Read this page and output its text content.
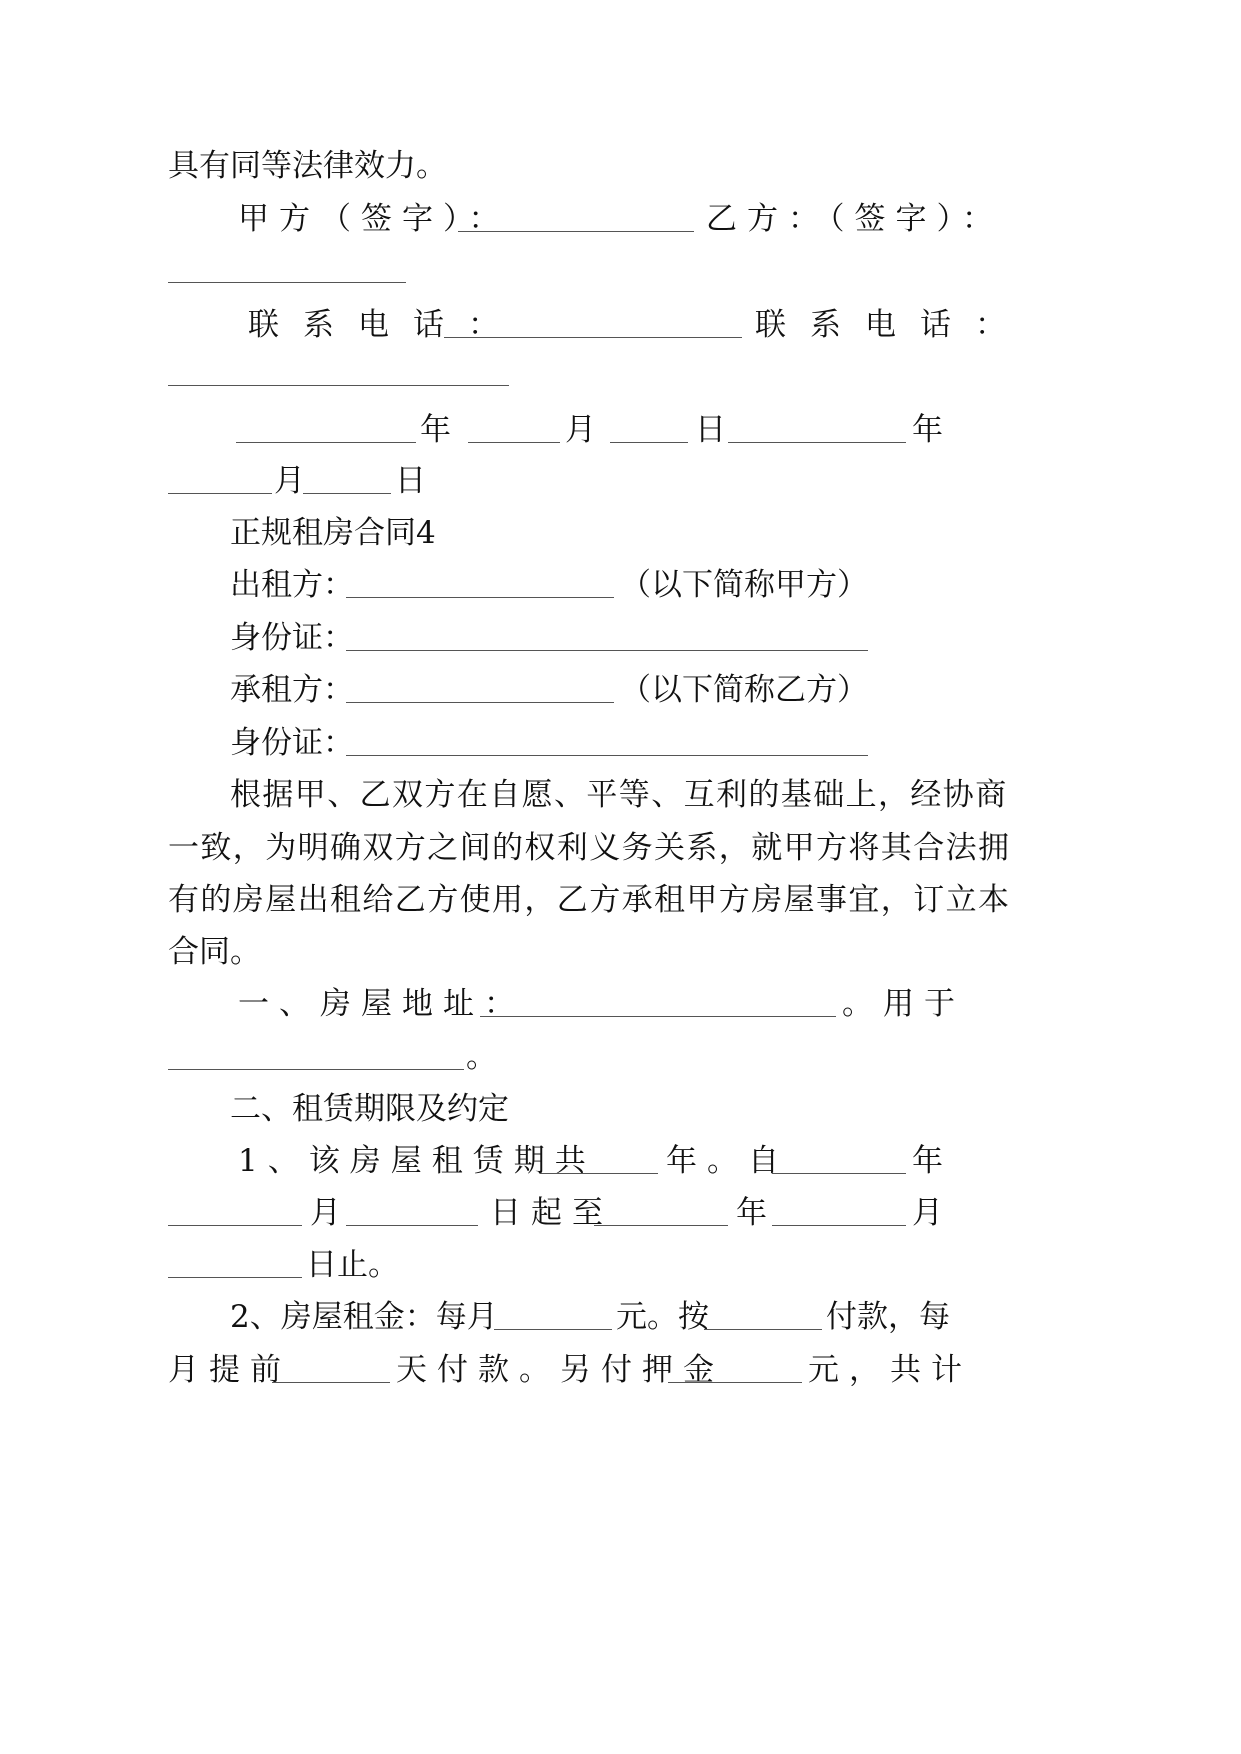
具有同等法律效力。
甲方（签字）：	乙方：（签字）：
联系电话：	联系电话：
年	月	日	年
月	日
正规租房合同4
出租方：	（以下简称甲方）
身份证：
承租方：	（以下简称乙方）
身份证：
根据甲、乙双方在自愿、平等、互利的基础上，经协商
一致，为明确双方之间的权利义务关系，就甲方将其合法拥
有的房屋出租给乙方使用，乙方承租甲方房屋事宜，订立本
合同。
一、房屋地址：	。用于
。
二、租赁期限及约定
1、该房屋租赁期共 年。自	年
月	日起至	年	月
日止。
2、房屋租金：每月	元。按	付款，每
月提前	天付款。另付押金	元，共计
